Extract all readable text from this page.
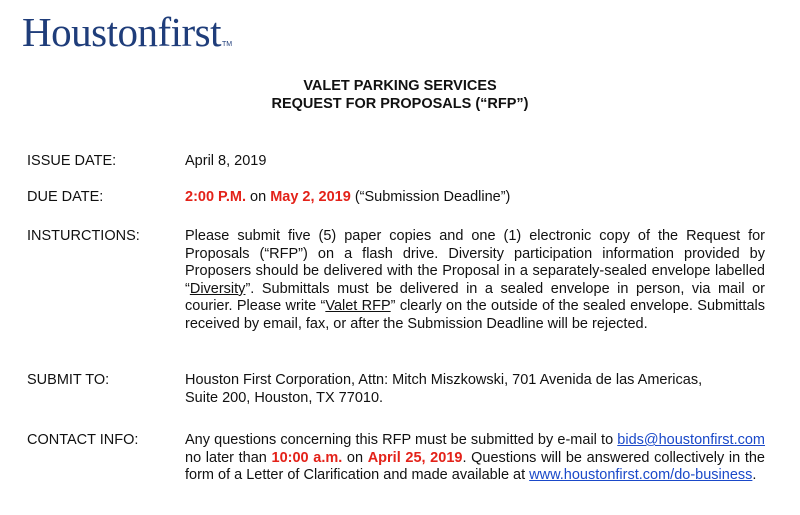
HoustonfirstTM
VALET PARKING SERVICES
REQUEST FOR PROPOSALS (“RFP”)
ISSUE DATE:	April 8, 2019
DUE DATE:	2:00 P.M. on May 2, 2019 (“Submission Deadline”)
INSTURCTIONS:	Please submit five (5) paper copies and one (1) electronic copy of the Request for Proposals (“RFP”) on a flash drive. Diversity participation information provided by Proposers should be delivered with the Proposal in a separately-sealed envelope labelled “Diversity”. Submittals must be delivered in a sealed envelope in person, via mail or courier. Please write “Valet RFP” clearly on the outside of the sealed envelope. Submittals received by email, fax, or after the Submission Deadline will be rejected.
SUBMIT TO:	Houston First Corporation, Attn: Mitch Miszkowski, 701 Avenida de las Americas, Suite 200, Houston, TX 77010.
CONTACT INFO:	Any questions concerning this RFP must be submitted by e-mail to bids@houstonfirst.com no later than 10:00 a.m. on April 25, 2019. Questions will be answered collectively in the form of a Letter of Clarification and made available at www.houstonfirst.com/do-business.
